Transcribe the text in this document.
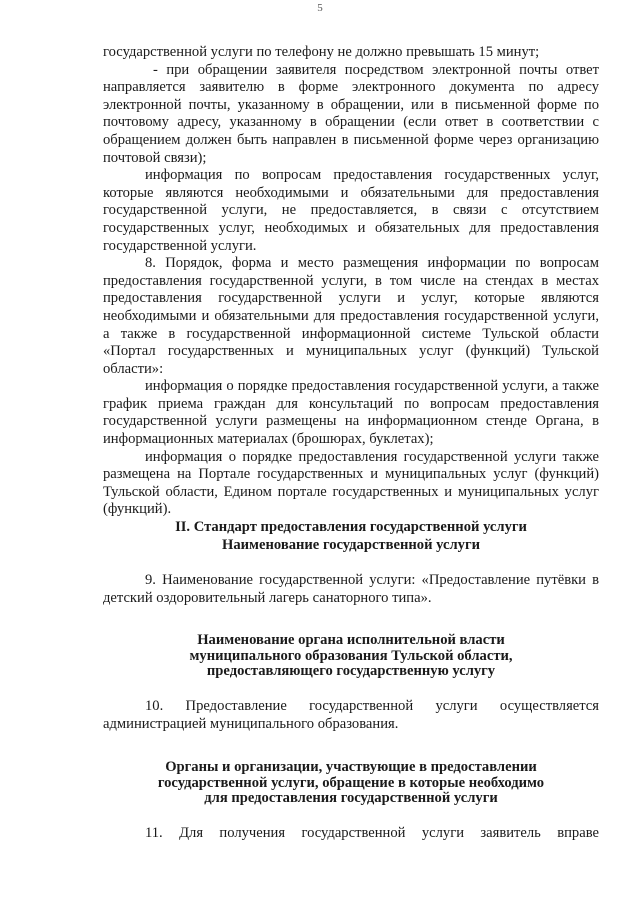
5

государственной услуги по телефону не должно превышать 15 минут;

- при обращении заявителя посредством электронной почты ответ направляется заявителю в форме электронного документа по адресу электронной почты, указанному в обращении, или в письменной форме по почтовому адресу, указанному в обращении (если ответ в соответствии с обращением должен быть направлен в письменной форме через организацию почтовой связи);

информация по вопросам предоставления государственных услуг, которые являются необходимыми и обязательными для предоставления государственной услуги, не предоставляется, в связи с отсутствием государственных услуг, необходимых и обязательных для предоставления государственной услуги.

8. Порядок, форма и место размещения информации по вопросам предоставления государственной услуги, в том числе на стендах в местах предоставления государственной услуги и услуг, которые являются необходимыми и обязательными для предоставления государственной услуги, а также в государственной информационной системе Тульской области «Портал государственных и муниципальных услуг (функций) Тульской области»:

информация о порядке предоставления государственной услуги, а также график приема граждан для консультаций по вопросам предоставления государственной услуги размещены на информационном стенде Органа, в информационных материалах (брошюрах, буклетах);

информация о порядке предоставления государственной услуги также размещена на Портале государственных и муниципальных услуг (функций) Тульской области, Едином портале государственных и муниципальных услуг (функций).

II. Стандарт предоставления государственной услуги

Наименование государственной услуги

9. Наименование государственной услуги: «Предоставление путёвки в детский оздоровительный лагерь санаторного типа».

Наименование органа исполнительной власти
муниципального образования Тульской области,
предоставляющего государственную услугу

10. Предоставление государственной услуги осуществляется администрацией муниципального образования.

Органы и организации, участвующие в предоставлении
государственной услуги, обращение в которые необходимо
для предоставления государственной услуги

11. Для получения государственной услуги заявитель вправе
